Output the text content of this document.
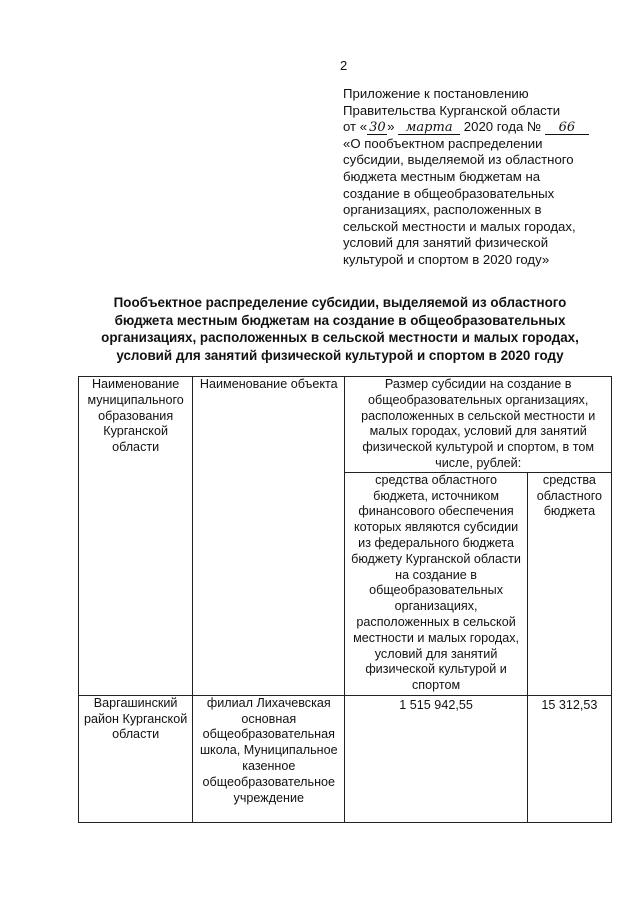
2
Приложение к постановлению
Правительства Курганской области
от « 30» марта 2020 года № 66
«О пообъектном распределении
субсидии, выделяемой из областного
бюджета местным бюджетам на
создание в общеобразовательных
организациях, расположенных в
сельской местности и малых городах,
условий для занятий физической
культурой и спортом в 2020 году»
Пообъектное распределение субсидии, выделяемой из областного
бюджета местным бюджетам на создание в общеобразовательных
организациях, расположенных в сельской местности и малых городах,
условий для занятий физической культурой и спортом в 2020 году
Наименование муниципального образования Курганской области	Наименование объекта	Размер субсидии на создание в общеобразовательных организациях, расположенных в сельской местности и малых городах, условий для занятий физической культурой и спортом, в том числе, рублей:	
		средства областного бюджета, источником финансового обеспечения которых являются субсидии из федерального бюджета бюджету Курганской области на создание в общеобразовательных организациях, расположенных в сельской местности и малых городах, условий для занятий физической культурой и спортом	средства областного бюджета
Варгашинский район Курганской области	филиал Лихачевская основная общеобразовательная школа, Муниципальное казенное общеобразовательное учреждение	1 515 942,55	15 312,53
